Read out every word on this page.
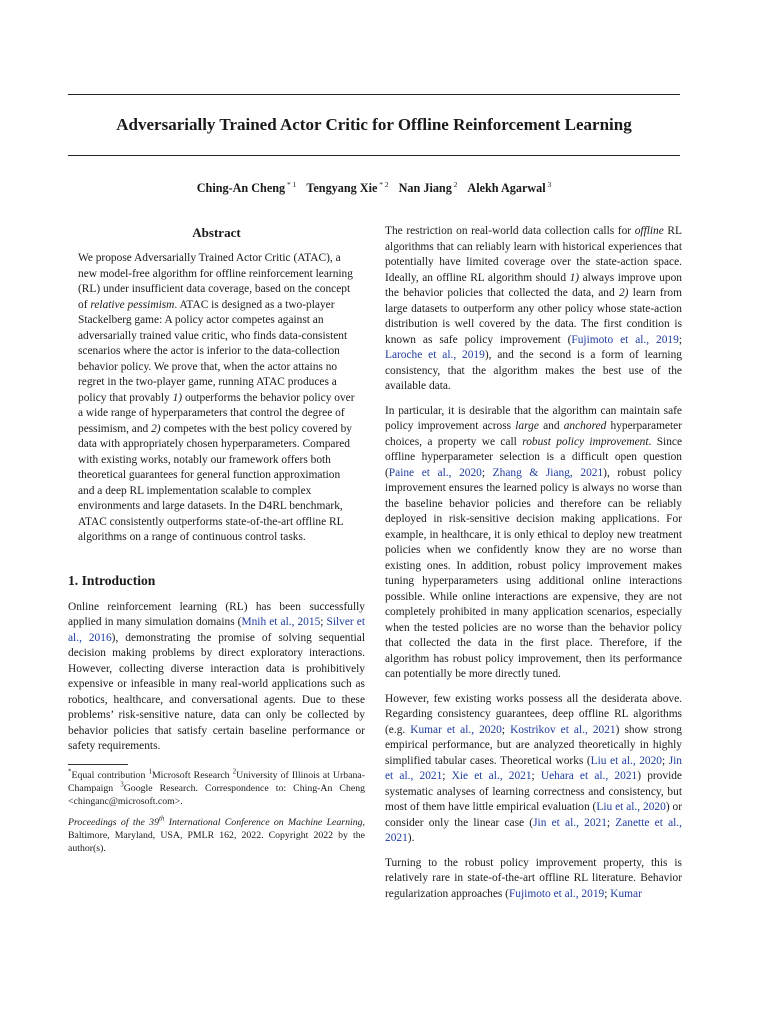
Adversarially Trained Actor Critic for Offline Reinforcement Learning
Ching-An Cheng $^{* 1}$ Tengyang Xie $^{* 2}$ Nan Jiang $^2$ Alekh Agarwal $^3$
Abstract

We propose Adversarially Trained Actor Critic (ATAC), a new model-free algorithm for offline reinforcement learning (RL) under insufficient data coverage, based on the concept of relative pessimism. ATAC is designed as a two-player Stackelberg game: A policy actor competes against an adversarially trained value critic, who finds data-consistent scenarios where the actor is inferior to the data-collection behavior policy. We prove that, when the actor attains no regret in the two-player game, running ATAC produces a policy that provably 1) outperforms the behavior policy over a wide range of hyperparameters that control the degree of pessimism, and 2) competes with the best policy covered by data with appropriately chosen hyperparameters. Compared with existing works, notably our framework offers both theoretical guarantees for general function approximation and a deep RL implementation scalable to complex environments and large datasets. In the D4RL benchmark, ATAC consistently outperforms state-of-the-art offline RL algorithms on a range of continuous control tasks.

1. Introduction

Online reinforcement learning (RL) has been successfully applied in many simulation domains (Mnih et al., 2015; Silver et al., 2016), demonstrating the promise of solving sequential decision making problems by direct exploratory interactions. However, collecting diverse interaction data is prohibitively expensive or infeasible in many real-world applications such as robotics, healthcare, and conversational agents. Due to these problems’ risk-sensitive nature, data can only be collected by behavior policies that satisfy certain baseline performance or safety requirements.

*Equal contribution $^1$Microsoft Research $^2$University of Illinois at Urbana-Champaign $^3$Google Research. Correspondence to: Ching-An Cheng <chinganc@microsoft.com>.

Proceedings of the 39th International Conference on Machine Learning, Baltimore, Maryland, USA, PMLR 162, 2022. Copyright 2022 by the author(s).

The restriction on real-world data collection calls for offline RL algorithms that can reliably learn with historical experiences that potentially have limited coverage over the state-action space. Ideally, an offline RL algorithm should 1) always improve upon the behavior policies that collected the data, and 2) learn from large datasets to outperform any other policy whose state-action distribution is well covered by the data. The first condition is known as safe policy improvement (Fujimoto et al., 2019; Laroche et al., 2019), and the second is a form of learning consistency, that the algorithm makes the best use of the available data.

In particular, it is desirable that the algorithm can maintain safe policy improvement across large and anchored hyperparameter choices, a property we call robust policy improvement. Since offline hyperparameter selection is a difficult open question (Paine et al., 2020; Zhang & Jiang, 2021), robust policy improvement ensures the learned policy is always no worse than the baseline behavior policies and therefore can be reliably deployed in risk-sensitive decision making applications. For example, in healthcare, it is only ethical to deploy new treatment policies when we confidently know they are no worse than existing ones. In addition, robust policy improvement makes tuning hyperparameters using additional online interactions possible. While online interactions are expensive, they are not completely prohibited in many application scenarios, especially when the tested policies are no worse than the behavior policy that collected the data in the first place. Therefore, if the algorithm has robust policy improvement, then its performance can potentially be more directly tuned.

However, few existing works possess all the desiderata above. Regarding consistency guarantees, deep offline RL algorithms (e.g. Kumar et al., 2020; Kostrikov et al., 2021) show strong empirical performance, but are analyzed theoretically in highly simplified tabular cases. Theoretical works (Liu et al., 2020; Jin et al., 2021; Xie et al., 2021; Uehara et al., 2021) provide systematic analyses of learning correctness and consistency, but most of them have little empirical evaluation (Liu et al., 2020) or consider only the linear case (Jin et al., 2021; Zanette et al., 2021).

Turning to the robust policy improvement property, this is relatively rare in state-of-the-art offline RL literature. Behavior regularization approaches (Fujimoto et al., 2019; Kumar
